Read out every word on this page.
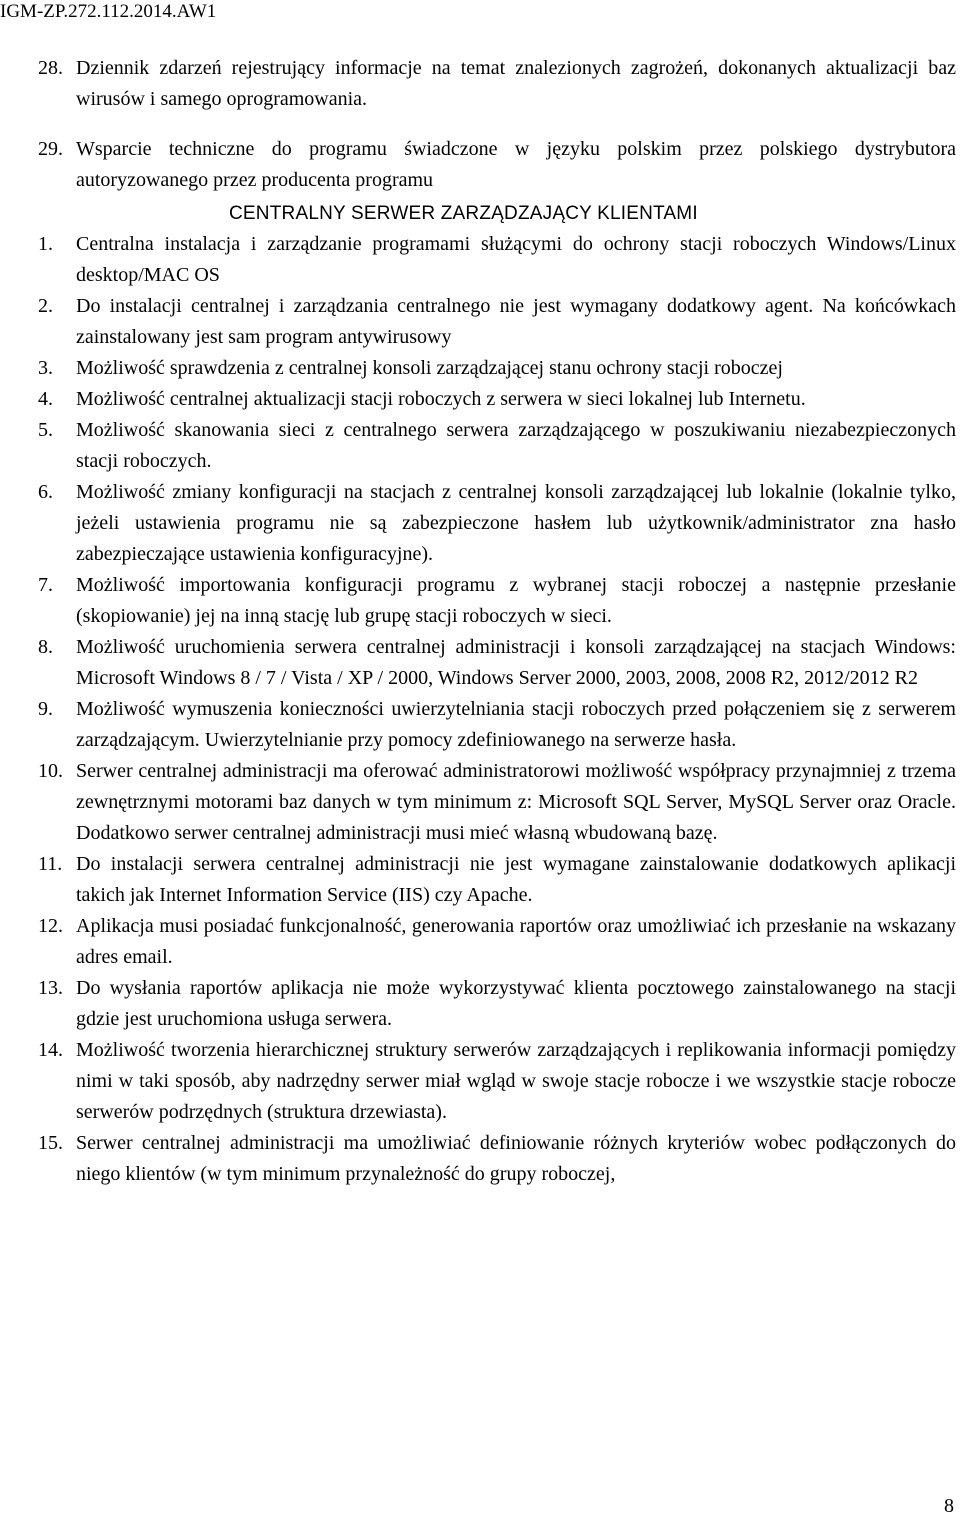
IGM-ZP.272.112.2014.AW1
28. Dziennik zdarzeń rejestrujący informacje na temat znalezionych zagrożeń, dokonanych aktualizacji baz wirusów i samego oprogramowania.
29. Wsparcie techniczne do programu świadczone w języku polskim przez polskiego dystrybutora autoryzowanego przez producenta programu
CENTRALNY SERWER ZARZĄDZAJĄCY KLIENTAMI
1.	Centralna instalacja i zarządzanie programami służącymi do ochrony stacji roboczych Windows/Linux desktop/MAC OS
2.	Do instalacji centralnej i zarządzania centralnego nie jest wymagany dodatkowy agent. Na końcówkach zainstalowany jest sam program antywirusowy
3.	Możliwość sprawdzenia z centralnej konsoli zarządzającej stanu ochrony stacji roboczej
4.	Możliwość centralnej aktualizacji stacji roboczych z serwera w sieci lokalnej lub Internetu.
5.	Możliwość skanowania sieci z centralnego serwera zarządzającego w poszukiwaniu niezabezpieczonych stacji roboczych.
6.	Możliwość zmiany konfiguracji na stacjach z centralnej konsoli zarządzającej lub lokalnie (lokalnie tylko, jeżeli ustawienia programu nie są zabezpieczone hasłem lub użytkownik/administrator zna hasło zabezpieczające ustawienia konfiguracyjne).
7.	Możliwość importowania konfiguracji programu z wybranej stacji roboczej a następnie przesłanie (skopiowanie) jej na inną stację lub grupę stacji roboczych w sieci.
8.	Możliwość uruchomienia serwera centralnej administracji i konsoli zarządzającej na stacjach Windows: Microsoft Windows 8 / 7 / Vista / XP / 2000, Windows Server 2000, 2003, 2008, 2008 R2, 2012/2012 R2
9.	Możliwość wymuszenia konieczności uwierzytelniania stacji roboczych przed połączeniem się z serwerem zarządzającym. Uwierzytelnianie przy pomocy zdefiniowanego na serwerze hasła.
10. Serwer centralnej administracji ma oferować administratorowi możliwość współpracy przynajmniej z trzema zewnętrznymi motorami baz danych w tym minimum z: Microsoft SQL Server, MySQL Server oraz Oracle. Dodatkowo serwer centralnej administracji musi mieć własną wbudowaną bazę.
11. Do instalacji serwera centralnej administracji nie jest wymagane zainstalowanie dodatkowych aplikacji takich jak Internet Information Service (IIS) czy Apache.
12. Aplikacja musi posiadać funkcjonalność, generowania raportów oraz umożliwiać ich przesłanie na wskazany adres email.
13. Do wysłania raportów aplikacja nie może wykorzystywać klienta pocztowego zainstalowanego na stacji gdzie jest uruchomiona usługa serwera.
14. Możliwość tworzenia hierarchicznej struktury serwerów zarządzających i replikowania informacji pomiędzy nimi w taki sposób, aby nadrzędny serwer miał wgląd w swoje stacje robocze i we wszystkie stacje robocze serwerów podrzędnych (struktura drzewiasta).
15. Serwer centralnej administracji ma umożliwiać definiowanie różnych kryteriów wobec podłączonych do niego klientów (w tym minimum przynależność do grupy roboczej,
8
